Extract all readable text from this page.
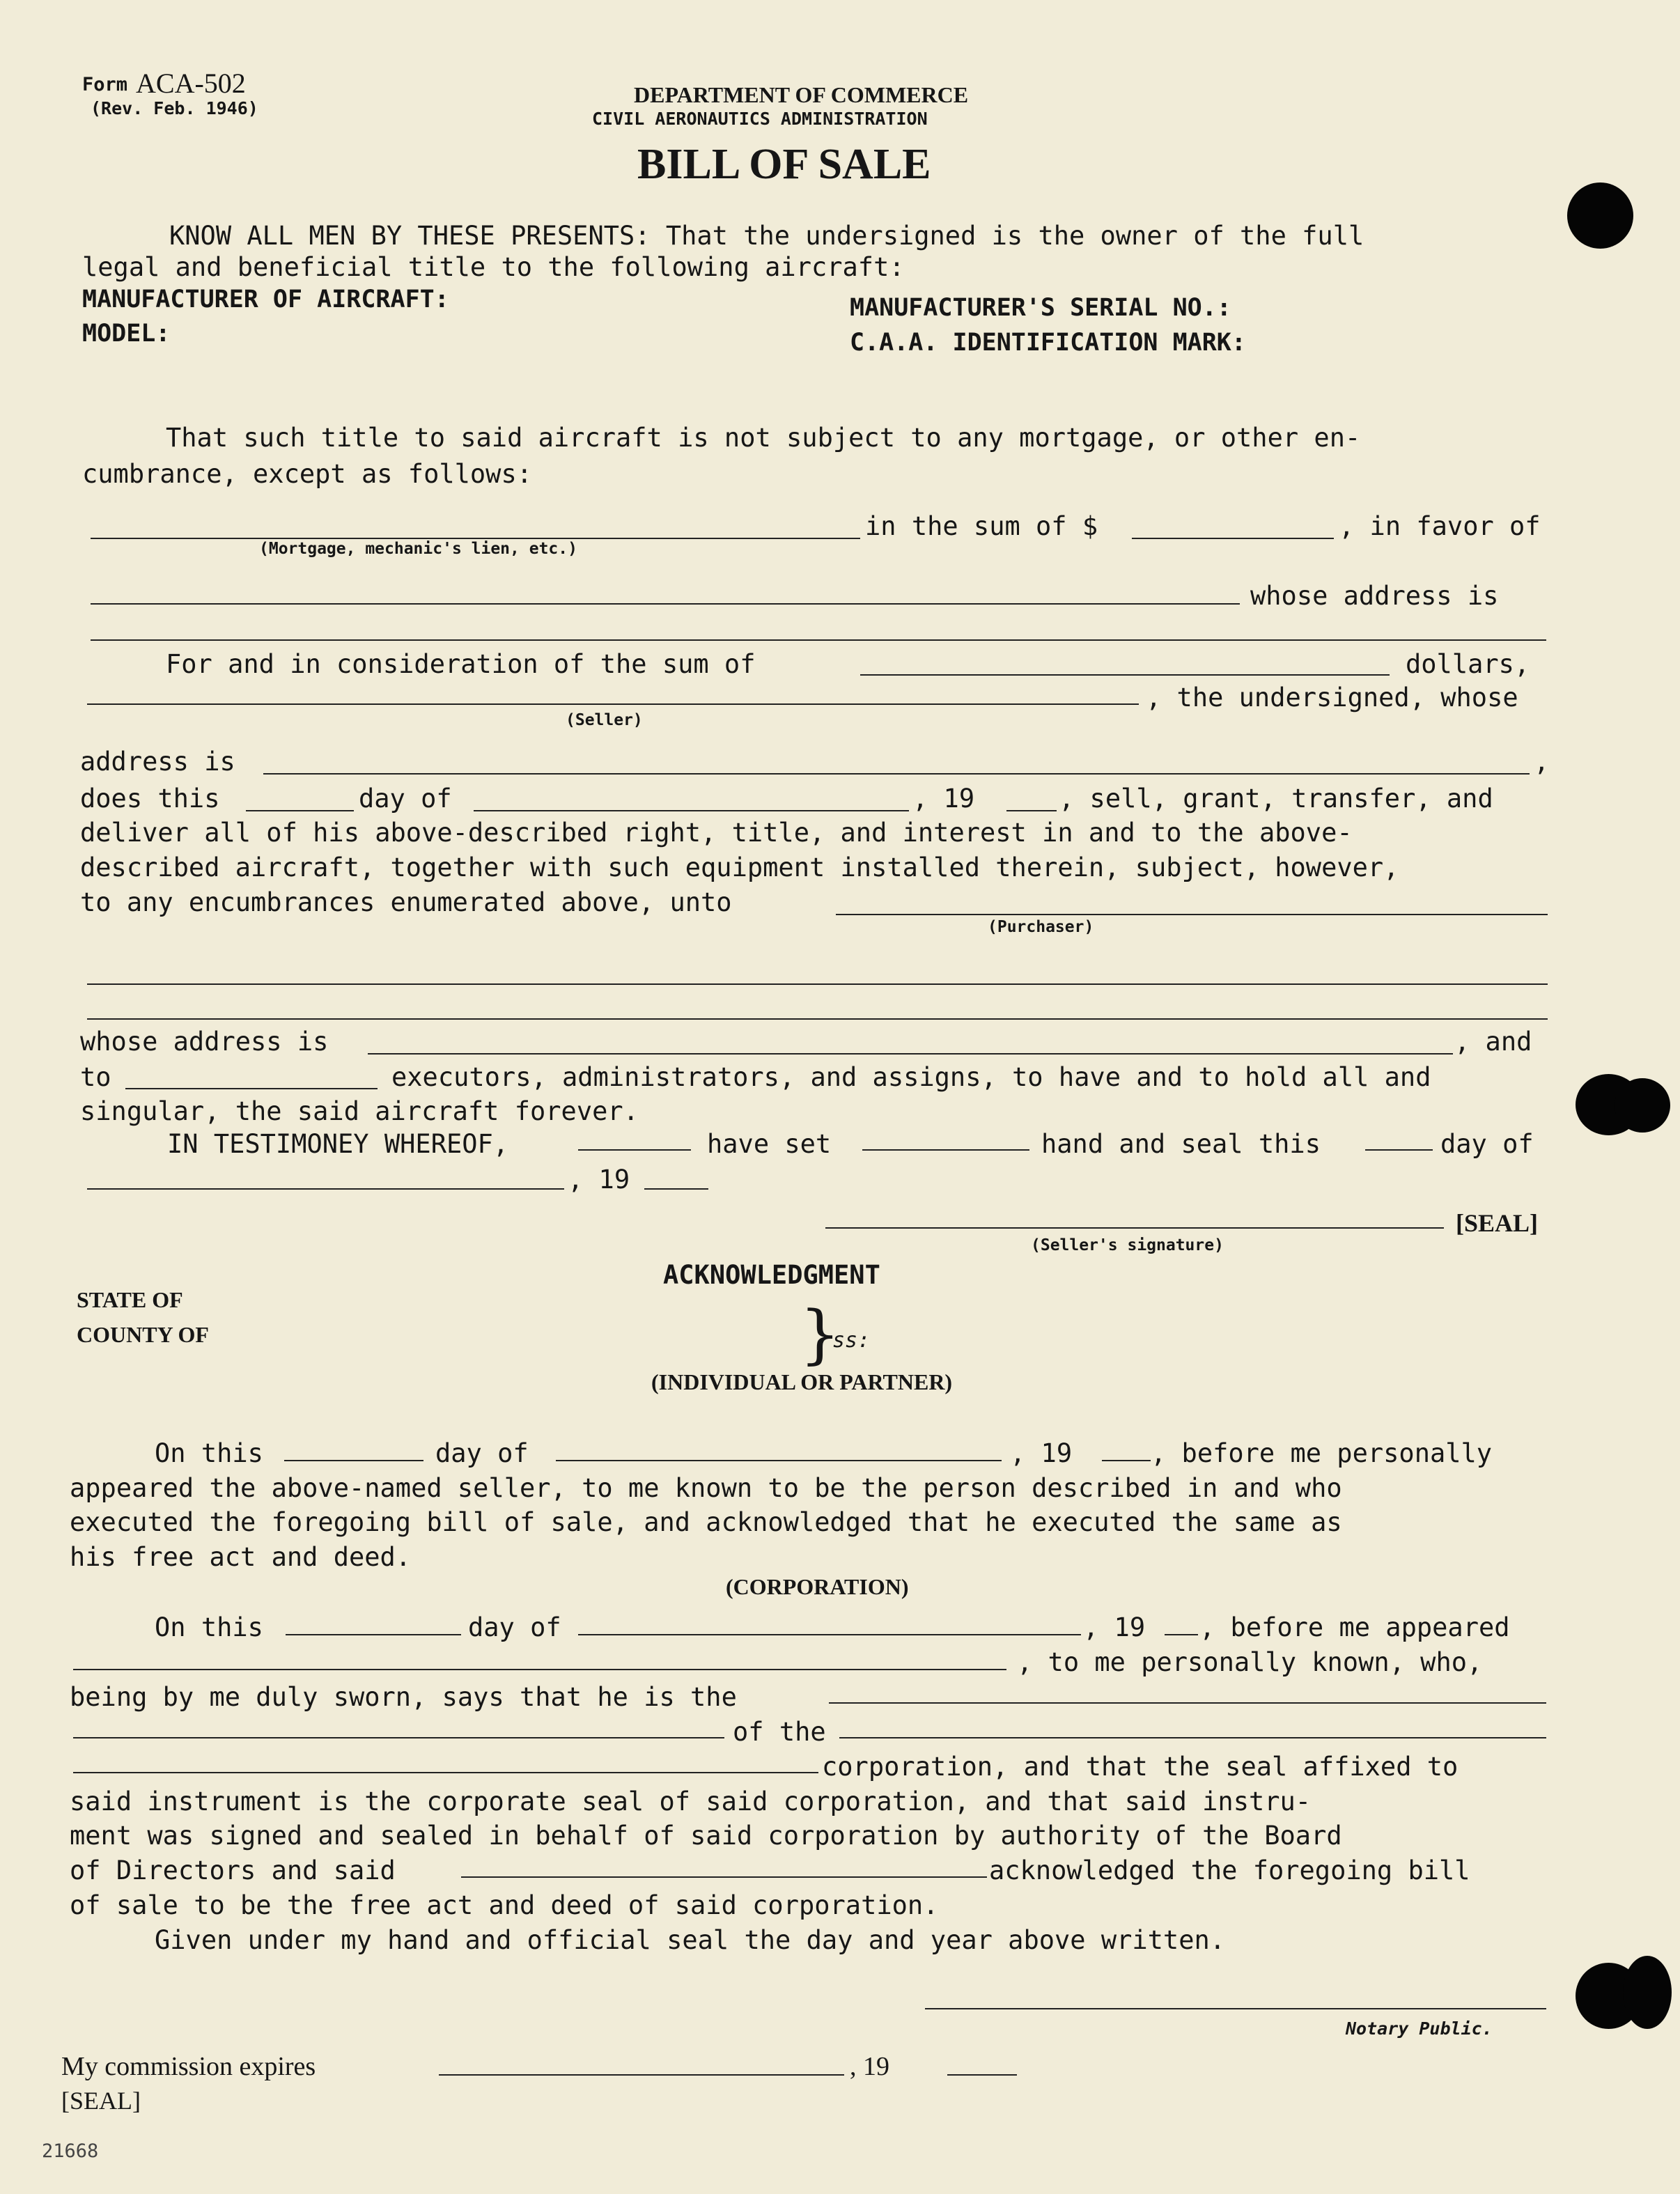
Form ACA-502
(Rev. Feb. 1946)
DEPARTMENT OF COMMERCE
CIVIL AERONAUTICS ADMINISTRATION
BILL OF SALE
KNOW ALL MEN BY THESE PRESENTS: That the undersigned is the owner of the full
legal and beneficial title to the following aircraft:
MANUFACTURER OF AIRCRAFT:	MANUFACTURER'S SERIAL NO.:
MODEL:	C.A.A. IDENTIFICATION MARK:
That such title to said aircraft is not subject to any mortgage, or other en-
cumbrance, except as follows:
in the sum of $	, in favor of
(Mortgage, mechanic's lien, etc.)
whose address is
For and in consideration of the sum of	dollars,
, the undersigned, whose
(Seller)
address is	,
does this	day of	, 19	, sell, grant, transfer, and
deliver all of his above-described right, title, and interest in and to the above-
described aircraft, together with such equipment installed therein, subject, however,
to any encumbrances enumerated above, unto
(Purchaser)
whose address is	, and
to	executors, administrators, and assigns, to have and to hold all and
singular, the said aircraft forever.
IN TESTIMONEY WHEREOF,	have set	hand and seal this	day of
, 19
[SEAL]
(Seller's signature)
ACKNOWLEDGMENT
STATE OF
COUNTY OF	}
ss:
(INDIVIDUAL OR PARTNER)
On this	day of	, 19	, before me personally
appeared the above-named seller, to me known to be the person described in and who
executed the foregoing bill of sale, and acknowledged that he executed the same as
his free act and deed.
(CORPORATION)
On this	day of	, 19 , before me appeared
, to me personally known, who,
being by me duly sworn, says that he is the
of the
corporation, and that the seal affixed to
said instrument is the corporate seal of said corporation, and that said instru-
ment was signed and sealed in behalf of said corporation by authority of the Board
of Directors and said	acknowledged the foregoing bill
of sale to be the free act and deed of said corporation.
Given under my hand and official seal the day and year above written.
Notary Public.
My commission expires	, 19
[SEAL]
21668
